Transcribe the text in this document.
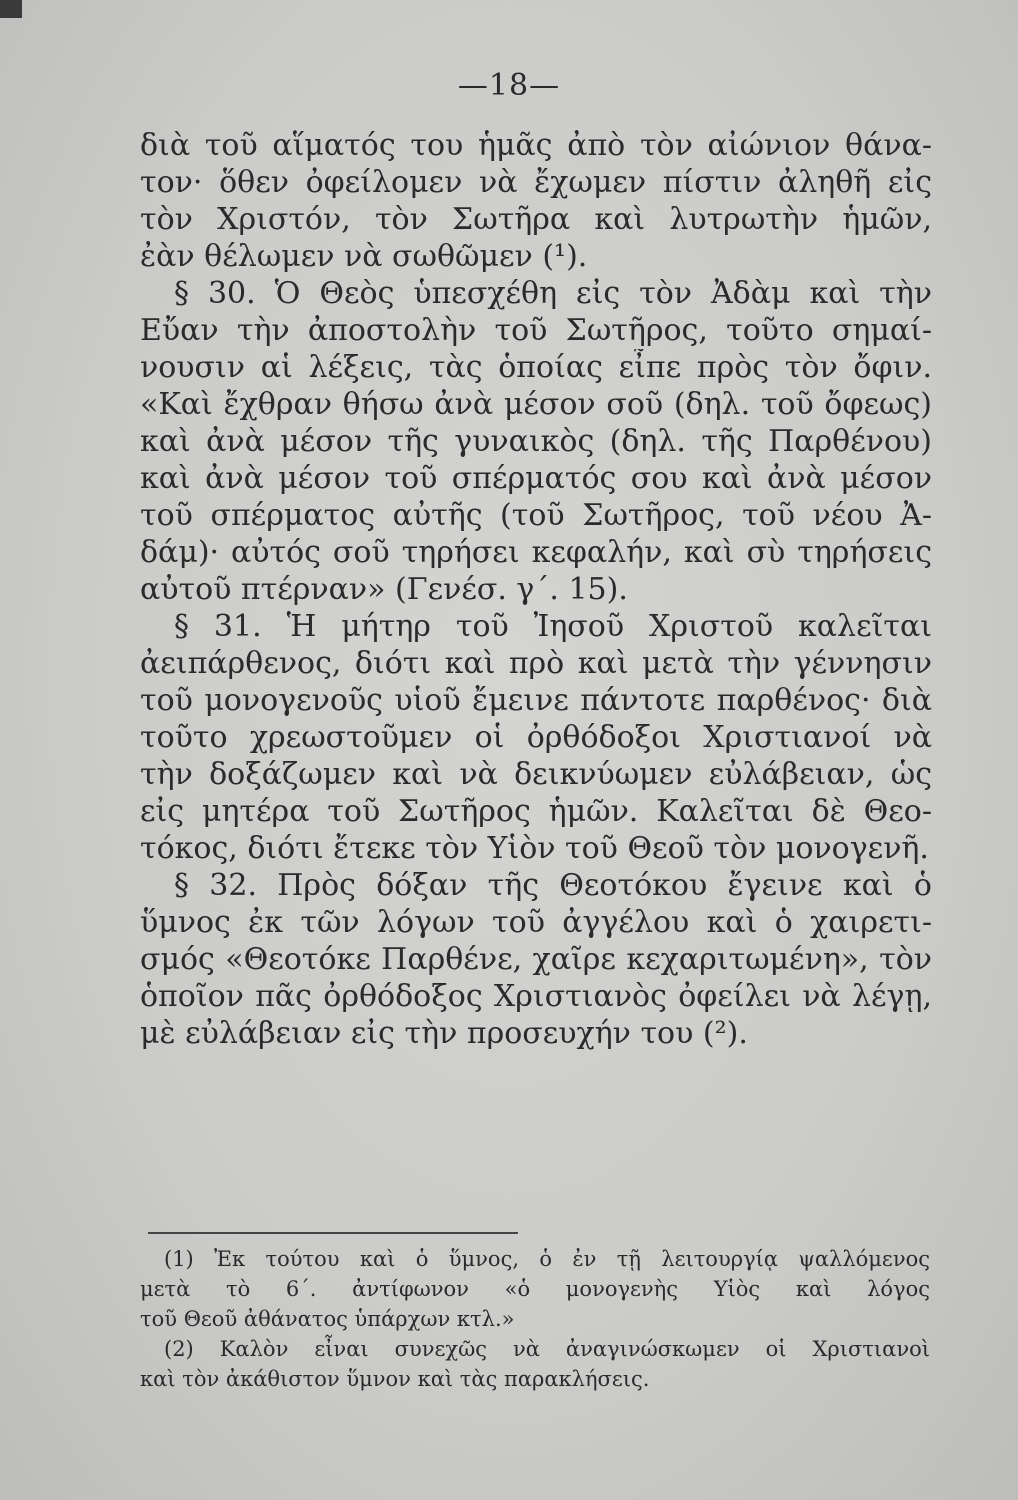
—18—
διὰ τοῦ αἵματός του ἡμᾶς ἀπὸ τὸν αἰώνιον θάνα-
τον· ὅθεν ὀφείλομεν νὰ ἔχωμεν πίστιν ἀληθῆ εἰς
τὸν Χριστόν, τὸν Σωτῆρα καὶ λυτρωτὴν ἡμῶν,
ἐὰν θέλωμεν νὰ σωθῶμεν (¹).
§ 30. Ὁ Θεὸς ὑπεσχέθη εἰς τὸν Ἀδὰμ καὶ τὴν
Εὔαν τὴν ἀποστολὴν τοῦ Σωτῆρος, τοῦτο σημαί-
νουσιν αἱ λέξεις, τὰς ὁποίας εἶπε πρὸς τὸν ὄφιν.
«Καὶ ἔχθραν θήσω ἀνὰ μέσον σοῦ (δηλ. τοῦ ὄφεως)
καὶ ἀνὰ μέσον τῆς γυναικὸς (δηλ. τῆς Παρθένου)
καὶ ἀνὰ μέσον τοῦ σπέρματός σου καὶ ἀνὰ μέσον
τοῦ σπέρματος αὐτῆς (τοῦ Σωτῆρος, τοῦ νέου Ἀ-
δάμ)· αὐτός σοῦ τηρήσει κεφαλήν, καὶ σὺ τηρήσεις
αὐτοῦ πτέρναν» (Γενέσ. γ΄. 15).
§ 31. Ἡ μήτηρ τοῦ Ἰησοῦ Χριστοῦ καλεῖται
ἀειπάρθενος, διότι καὶ πρὸ καὶ μετὰ τὴν γέννησιν
τοῦ μονογενοῦς υἱοῦ ἔμεινε πάντοτε παρθένος· διὰ
τοῦτο χρεωστοῦμεν οἱ ὀρθόδοξοι Χριστιανοί νὰ
τὴν δοξάζωμεν καὶ νὰ δεικνύωμεν εὐλάβειαν, ὡς
εἰς μητέρα τοῦ Σωτῆρος ἡμῶν. Καλεῖται δὲ Θεο-
τόκος, διότι ἔτεκε τὸν Υἱὸν τοῦ Θεοῦ τὸν μονογενῆ.
§ 32. Πρὸς δόξαν τῆς Θεοτόκου ἔγεινε καὶ ὁ
ὕμνος ἐκ τῶν λόγων τοῦ ἀγγέλου καὶ ὁ χαιρετι-
σμός «Θεοτόκε Παρθένε, χαῖρε κεχαριτωμένη», τὸν
ὁποῖον πᾶς ὀρθόδοξος Χριστιανὸς ὀφείλει νὰ λέγῃ,
μὲ εὐλάβειαν εἰς τὴν προσευχήν του (²).
(1) Ἐκ τούτου καὶ ὁ ὕμνος, ὁ ἐν τῇ λειτουργίᾳ ψαλλόμενος
μετὰ τὸ 6΄. ἀντίφωνον «ὁ μονογενὴς Υἱὸς καὶ λόγος
τοῦ Θεοῦ ἀθάνατος ὑπάρχων κτλ.»
(2) Καλὸν εἶναι συνεχῶς νὰ ἀναγινώσκωμεν οἱ Χριστιανοὶ
καὶ τὸν ἀκάθιστον ὕμνον καὶ τὰς παρακλήσεις.
